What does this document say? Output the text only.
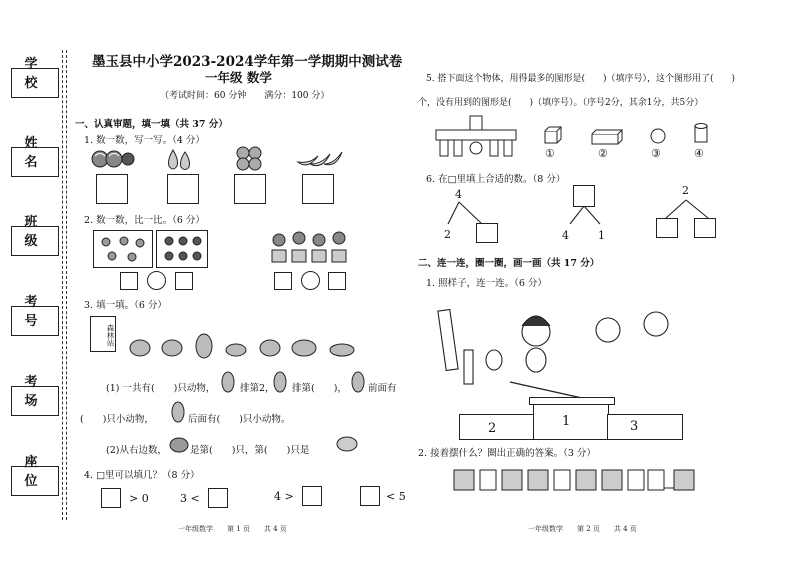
学 校
姓 名
班 级
考 号
考 场
座 位
墨玉县中小学2023-2024学年第一学期期中测试卷
一年级 数学
（考试时间：60 分钟　　满分：100 分）
一、认真审题，填一填（共 37 分）
1. 数一数，写一写。（4 分）
2. 数一数，比一比。（6 分）
3. 填一填。（6 分）
森林站
(1) 一共有(　　)只动物，	排第2， 排第(　　)， 前面有
(　　)只小动物，	后面有(　　)只小动物。
(2)从右边数， 是第(　　)只，第(　　)只是
4. □里可以填几？（8 分）
> 0	3 <	4 >	< 5
一年级数学　　第 1 页　　共 4 页
5. 搭下面这个物体，用得最多的图形是(　　)（填序号），这个图形用了(　　)
个，没有用到的图形是(　　)（填序号）。（序号2分，其余1分，共5分）
①	②	③	④
6. 在□里填上合适的数。（8 分）
4
2	4	1
2
二、连一连，圈一圈，画一画（共 17 分）
1. 照样子，连一连。（6 分）
2	1	3
2. 接着摆什么？圈出正确的答案。（3 分）
一年级数学　　第 2 页　　共 4 页
